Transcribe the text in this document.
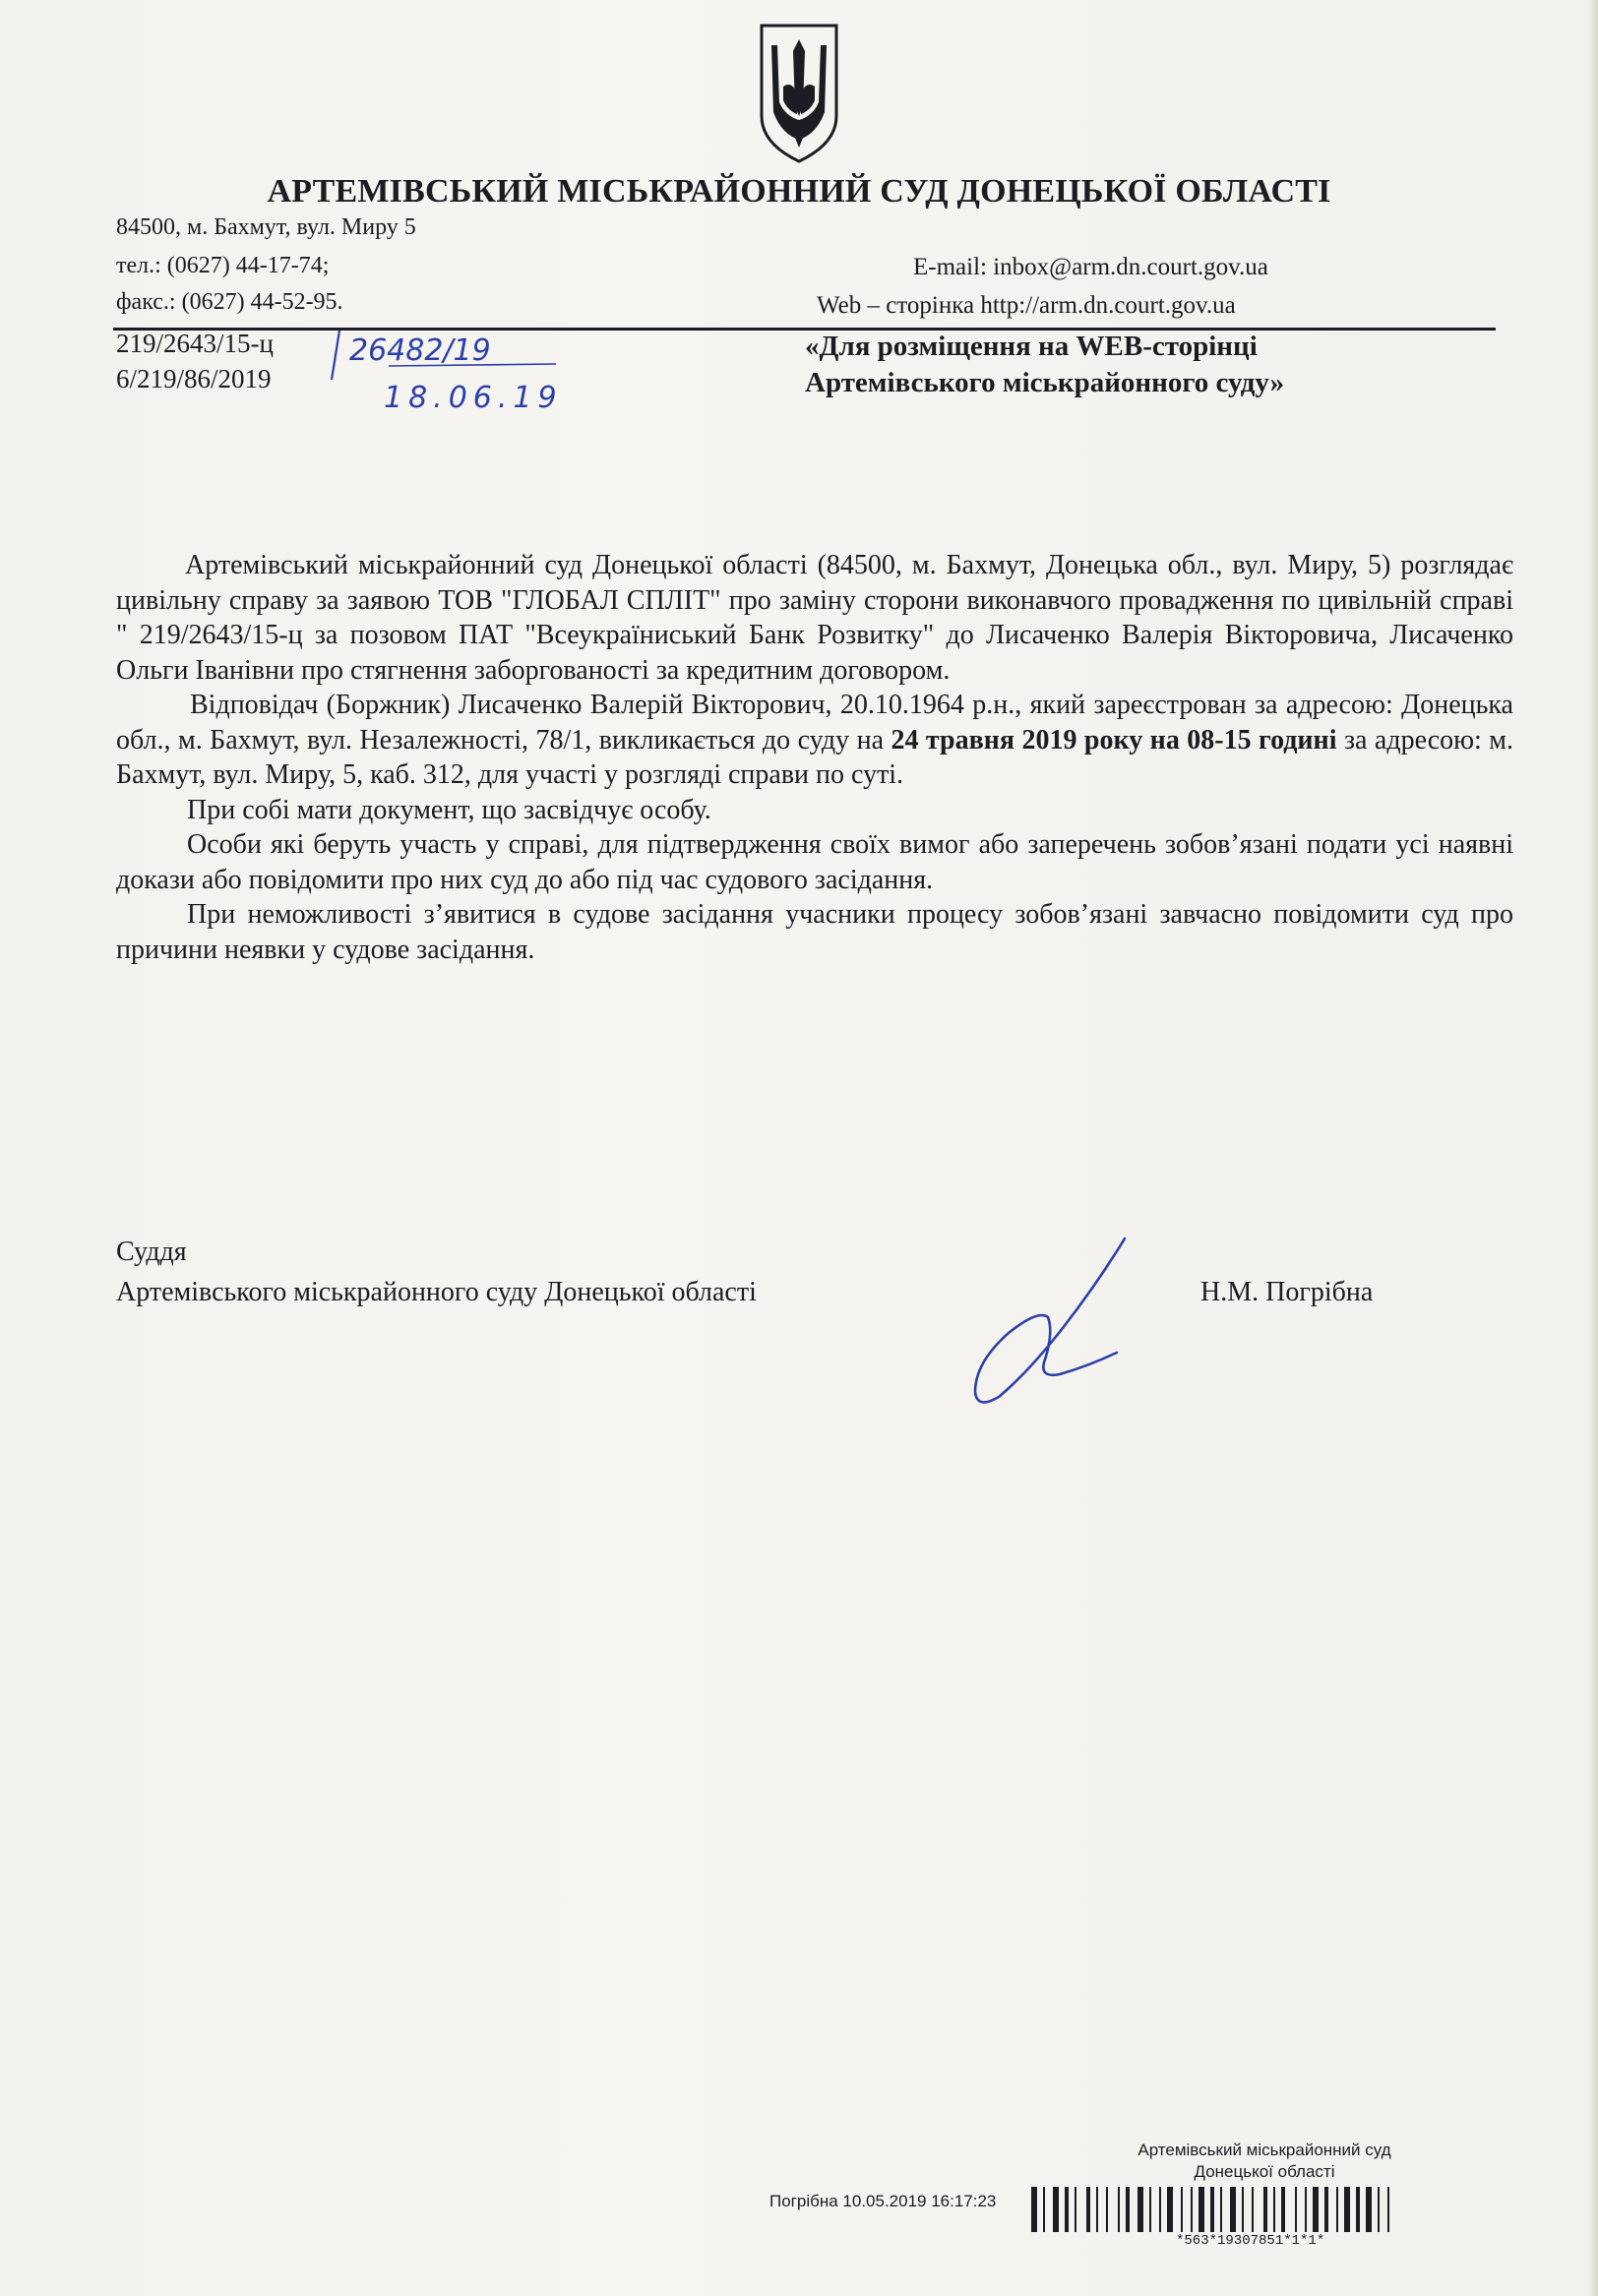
АРТЕМІВСЬКИЙ МІСЬКРАЙОННИЙ СУД ДОНЕЦЬКОЇ ОБЛАСТІ
84500, м. Бахмут, вул. Миру 5
тел.: (0627) 44-17-74;
факс.: (0627) 44-52-95.
E-mail: inbox@arm.dn.court.gov.ua
Web – сторінка http://arm.dn.court.gov.ua
219/2643/15-ц
6/219/86/2019
26482/19
18.06.19
«Для розміщення на WEB-сторінці
Артемівського міськрайонного суду»

Артемівський міськрайонний суд Донецької області (84500, м. Бахмут, Донецька обл., вул. Миру, 5) розглядає цивільну справу за заявою ТОВ "ГЛОБАЛ СПЛІТ" про заміну сторони виконавчого провадження по цивільній справі " 219/2643/15-ц за позовом ПАТ "Всеукраїниський Банк Розвитку" до Лисаченко Валерія Вікторовича, Лисаченко Ольги Іванівни про стягнення заборгованості за кредитним договором.

Відповідач (Боржник) Лисаченко Валерій Вікторович, 20.10.1964 р.н., який зареєстрован за адресою: Донецька обл., м. Бахмут, вул. Незалежності, 78/1, викликається до суду на 24 травня 2019 року на 08-15 годині за адресою: м. Бахмут, вул. Миру, 5, каб. 312, для участі у розгляді справи по суті.

При собі мати документ, що засвідчує особу.

Особи які беруть участь у справі, для підтвердження своїх вимог або заперечень зобов’язані подати усі наявні докази або повідомити про них суд до або під час судового засідання.

При неможливості з’явитися в судове засідання учасники процесу зобов’язані завчасно повідомити суд про причини неявки у судове засідання.

Суддя
Артемівського міськрайонного суду Донецької області	Н.М. Погрібна
Артемівський міськрайонний суд
Донецької області
Погрібна 10.05.2019 16:17:23
*563*19307851*1*1*
